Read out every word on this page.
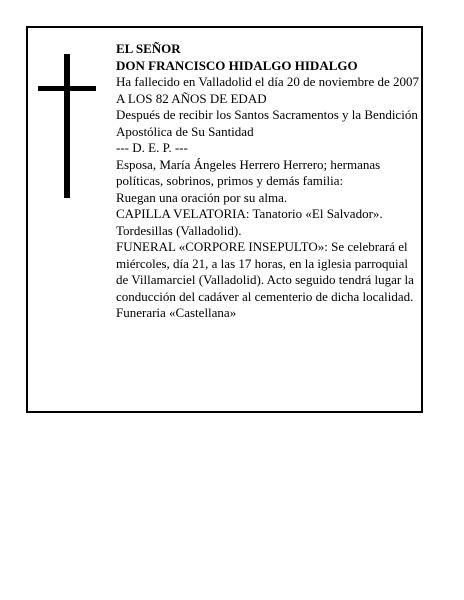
EL SEÑOR

DON FRANCISCO HIDALGO HIDALGO

Ha fallecido en Valladolid el día 20 de noviembre de 2007

A LOS 82 AÑOS DE EDAD

Después de recibir los Santos Sacramentos y la Bendición Apostólica de Su Santidad

--- D. E. P. ---

Esposa, María Ángeles Herrero Herrero; hermanas políticas, sobrinos, primos y demás familia:

Ruegan una oración por su alma.

CAPILLA VELATORIA: Tanatorio «El Salvador». Tordesillas (Valladolid).

FUNERAL «CORPORE INSEPULTO»: Se celebrará el miércoles, día 21, a las 17 horas, en la iglesia parroquial de Villamarciel (Valladolid). Acto seguido tendrá lugar la conducción del cadáver al cementerio de dicha localidad.

Funeraria «Castellana»
